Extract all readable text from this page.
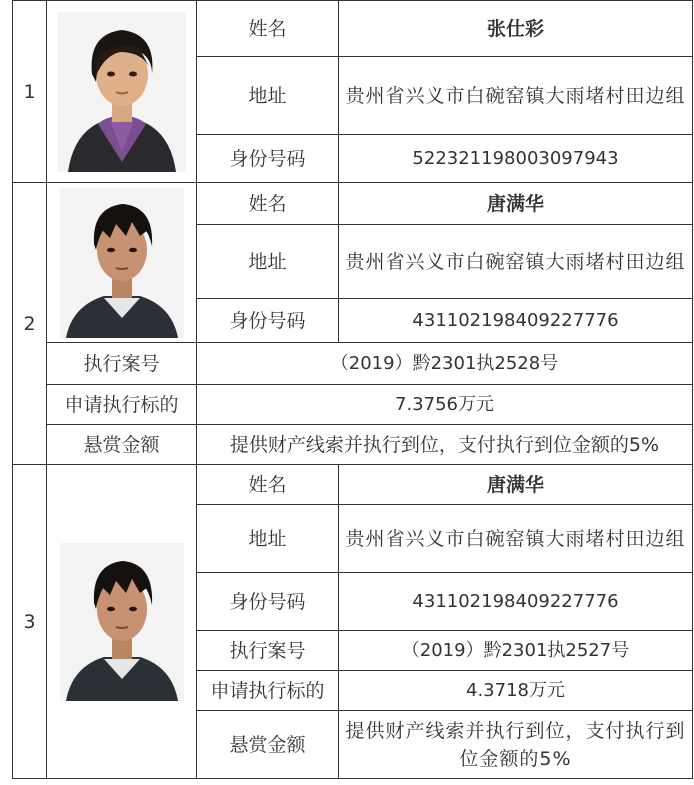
1		姓名	张仕彩
		地址	贵州省兴义市白碗窑镇大雨堵村田边组
		身份号码	522321198003097943
2		姓名	唐满华
		地址	贵州省兴义市白碗窑镇大雨堵村田边组
		身份号码	431102198409227776
	执行案号	（2019）黔2301执2528号	
	申请执行标的	7.3756万元	
	悬赏金额	提供财产线索并执行到位，支付执行到位金额的5%	
3		姓名	唐满华
		地址	贵州省兴义市白碗窑镇大雨堵村田边组
		身份号码	431102198409227776
		执行案号	（2019）黔2301执2527号
		申请执行标的	4.3718万元
		悬赏金额	提供财产线索并执行到位，支付执行到位金额的5%
